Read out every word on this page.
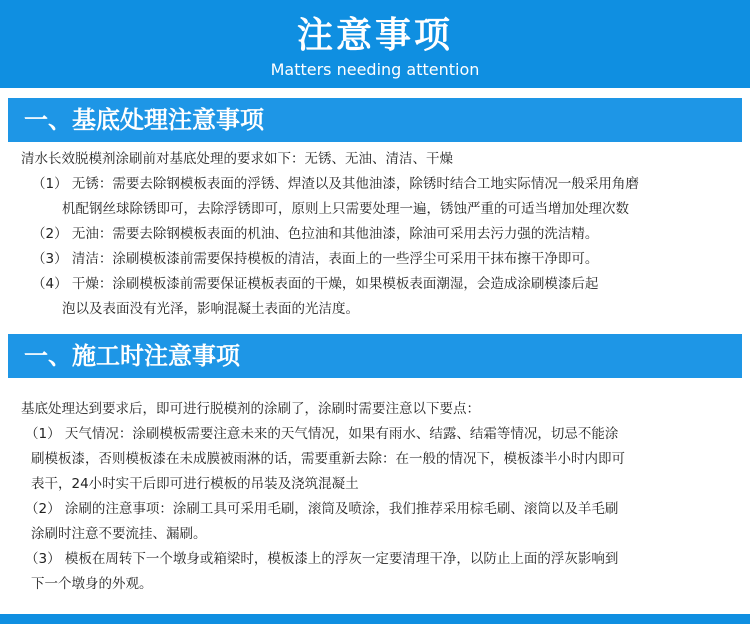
注意事项
Matters needing attention
一、基底处理注意事项
清水长效脱模剂涂刷前对基底处理的要求如下：无锈、无油、清洁、干燥
（1） 无锈：需要去除钢模板表面的浮锈、焊渣以及其他油漆，除锈时结合工地实际情况一般采用角磨
机配钢丝球除锈即可，去除浮锈即可，原则上只需要处理一遍，锈蚀严重的可适当增加处理次数
（2） 无油：需要去除钢模板表面的机油、色拉油和其他油漆，除油可采用去污力强的洗洁精。
（3） 清洁：涂刷模板漆前需要保持模板的清洁，表面上的一些浮尘可采用干抹布擦干净即可。
（4） 干燥：涂刷模板漆前需要保证模板表面的干燥，如果模板表面潮湿，会造成涂刷模漆后起
泡以及表面没有光泽，影响混凝土表面的光洁度。
一、施工时注意事项
基底处理达到要求后，即可进行脱模剂的涂刷了，涂刷时需要注意以下要点：
（1） 天气情况：涂刷模板需要注意未来的天气情况，如果有雨水、结露、结霜等情况，切忌不能涂
刷模板漆，否则模板漆在未成膜被雨淋的话，需要重新去除：在一般的情况下，模板漆半小时内即可
表干，24小时实干后即可进行模板的吊装及浇筑混凝土
（2） 涂刷的注意事项：涂刷工具可采用毛刷，滚筒及喷涂，我们推荐采用棕毛刷、滚筒以及羊毛刷
涂刷时注意不要流挂、漏刷。
（3） 模板在周转下一个墩身或箱梁时，模板漆上的浮灰一定要清理干净，以防止上面的浮灰影响到
下一个墩身的外观。
